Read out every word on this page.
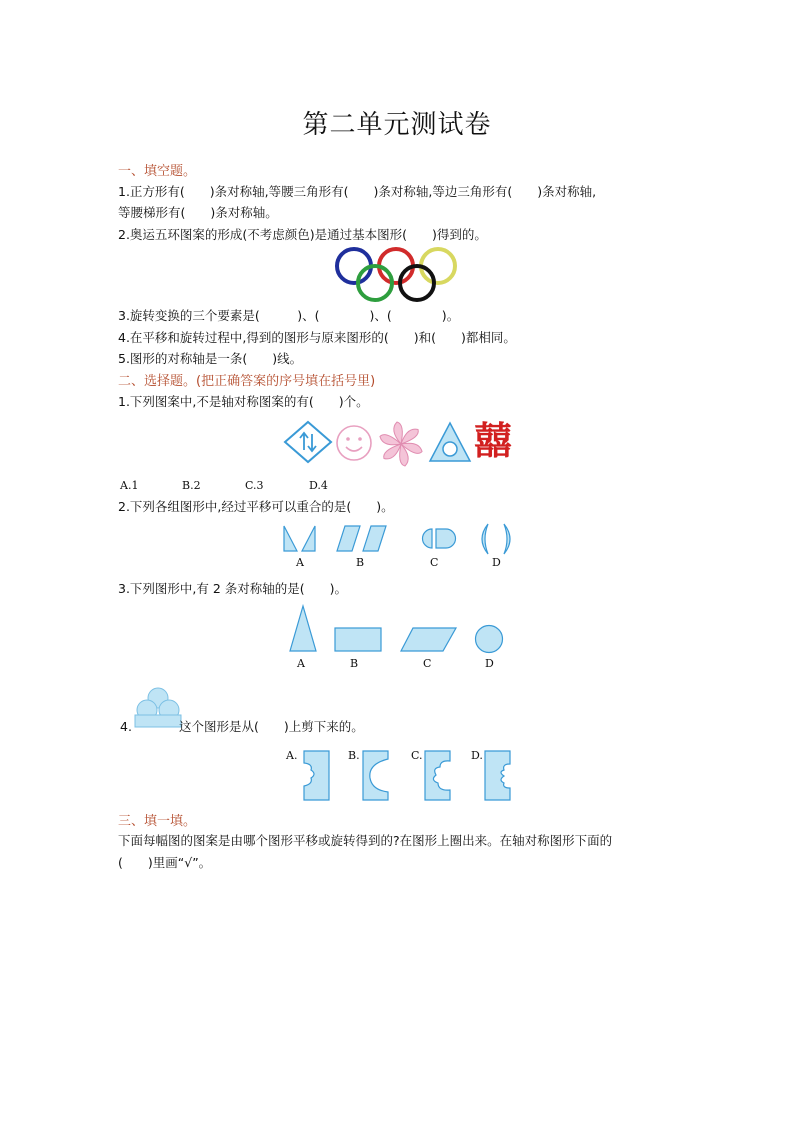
第二单元测试卷
一、填空题。
1.正方形有(　　)条对称轴,等腰三角形有(　　)条对称轴,等边三角形有(　　)条对称轴,
等腰梯形有(　　)条对称轴。
2.奥运五环图案的形成(不考虑颜色)是通过基本图形(　　)得到的。
3.旋转变换的三个要素是(　　　)、(　　　　)、(　　　　)。
4.在平移和旋转过程中,得到的图形与原来图形的(　　)和(　　)都相同。
5.图形的对称轴是一条(　　)线。
二、选择题。(把正确答案的序号填在括号里)
1.下列图案中,不是轴对称图案的有(　　)个。
囍
A.1	B.2	C.3	D.4
2.下列各组图形中,经过平移可以重合的是(　　)。
A	B	C	D
3.下列图形中,有 2 条对称轴的是(　　)。
A	B	C	D
4.	这个图形是从(　　)上剪下来的。
A.	B.	C.	D.
三、填一填。
下面每幅图的图案是由哪个图形平移或旋转得到的?在图形上圈出来。在轴对称图形下面的
(　　)里画“√”。
